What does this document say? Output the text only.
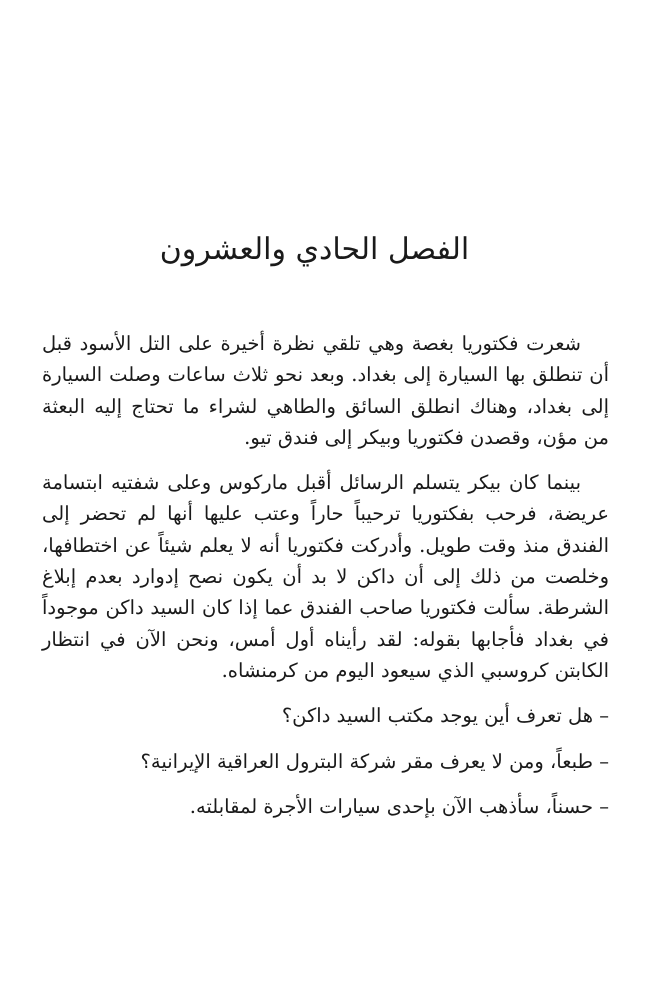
الفصل الحادي والعشرون

شعرت فكتوريا بغصة وهي تلقي نظرة أخيرة على التل الأسود قبل أن تنطلق بها السيارة إلى بغداد. وبعد نحو ثلاث ساعات وصلت السيارة إلى بغداد، وهناك انطلق السائق والطاهي لشراء ما تحتاج إليه البعثة من مؤن، وقصدن فكتوريا وبيكر إلى فندق تيو.

بينما كان بيكر يتسلم الرسائل أقبل ماركوس وعلى شفتيه ابتسامة عريضة، فرحب بفكتوريا ترحيباً حاراً وعتب عليها أنها لم تحضر إلى الفندق منذ وقت طويل. وأدركت فكتوريا أنه لا يعلم شيئاً عن اختطافها، وخلصت من ذلك إلى أن داكن لا بد أن يكون نصح إدوارد بعدم إبلاغ الشرطة. سألت فكتوريا صاحب الفندق عما إذا كان السيد داكن موجوداً في بغداد فأجابها بقوله: لقد رأيناه أول أمس، ونحن الآن في انتظار الكابتن كروسبي الذي سيعود اليوم من كرمنشاه.

– هل تعرف أين يوجد مكتب السيد داكن؟

– طبعاً، ومن لا يعرف مقر شركة البترول العراقية الإيرانية؟

– حسناً، سأذهب الآن بإحدى سيارات الأجرة لمقابلته.
